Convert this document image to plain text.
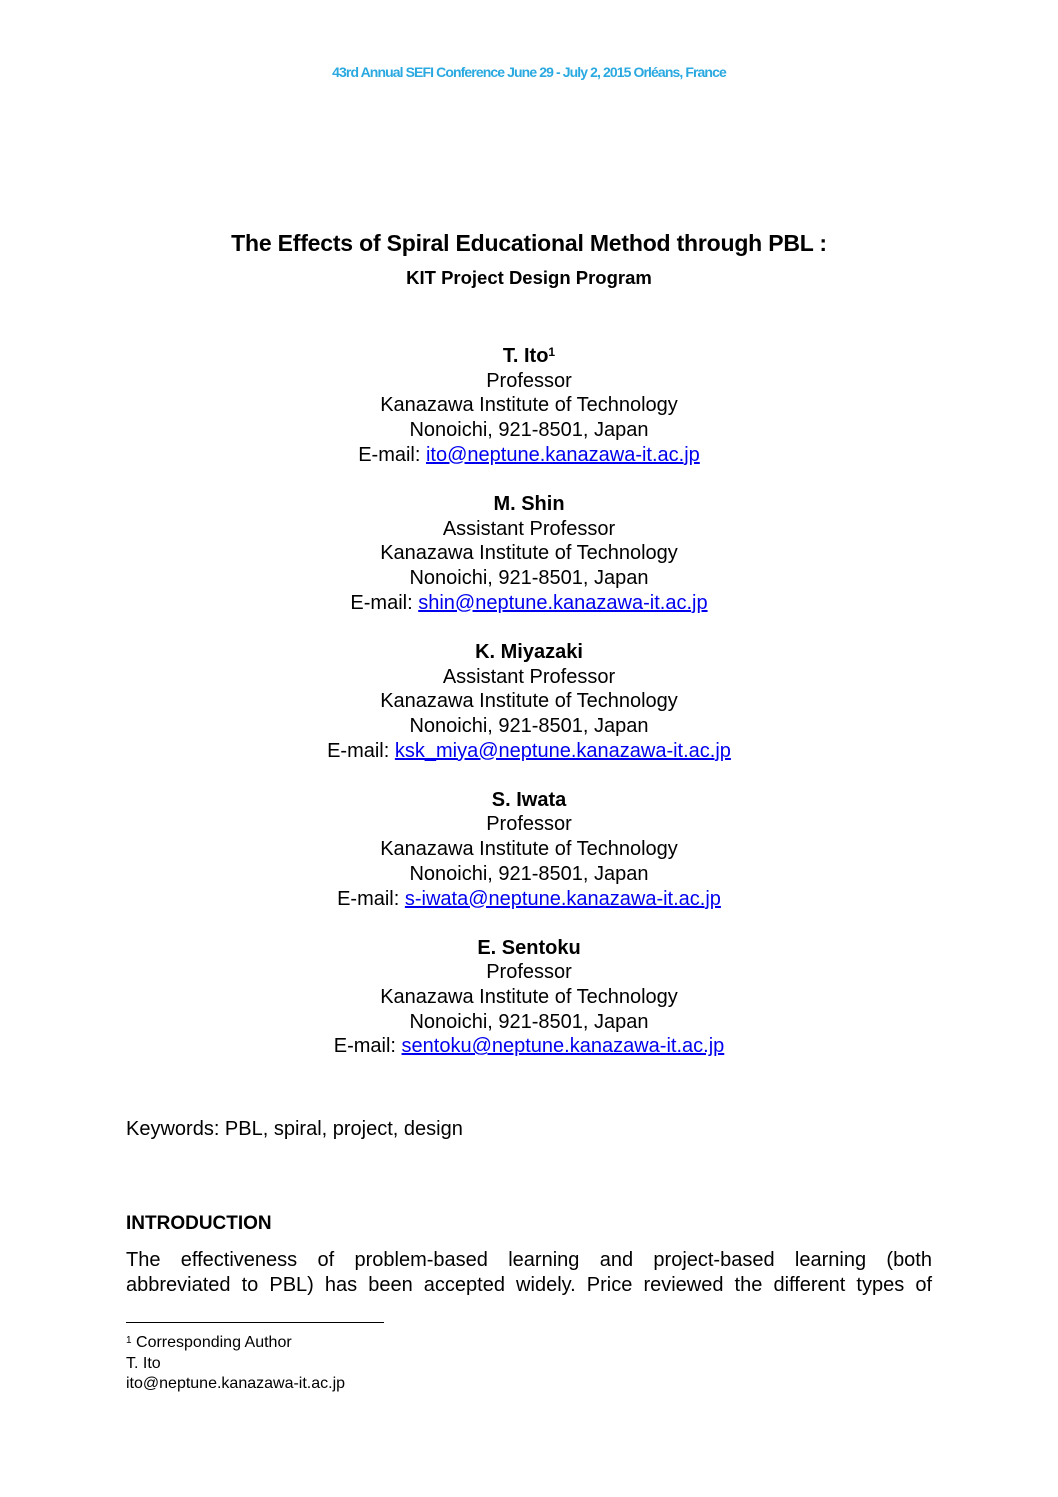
43rd Annual SEFI Conference June 29 - July 2, 2015 Orléans, France
The Effects of Spiral Educational Method through PBL :
KIT Project Design Program
T. Ito$^1$
Professor
Kanazawa Institute of Technology
Nonoichi, 921-8501, Japan
E-mail: ito@neptune.kanazawa-it.ac.jp
M. Shin
Assistant Professor
Kanazawa Institute of Technology
Nonoichi, 921-8501, Japan
E-mail: shin@neptune.kanazawa-it.ac.jp
K. Miyazaki
Assistant Professor
Kanazawa Institute of Technology
Nonoichi, 921-8501, Japan
E-mail: ksk_miya@neptune.kanazawa-it.ac.jp
S. Iwata
Professor
Kanazawa Institute of Technology
Nonoichi, 921-8501, Japan
E-mail: s-iwata@neptune.kanazawa-it.ac.jp
E. Sentoku
Professor
Kanazawa Institute of Technology
Nonoichi, 921-8501, Japan
E-mail: sentoku@neptune.kanazawa-it.ac.jp
Keywords: PBL, spiral, project, design
INTRODUCTION
The effectiveness of problem-based learning and project-based learning (both
abbreviated to PBL) has been accepted widely. Price reviewed the different types of
$^1$ Corresponding Author
T. Ito
ito@neptune.kanazawa-it.ac.jp
